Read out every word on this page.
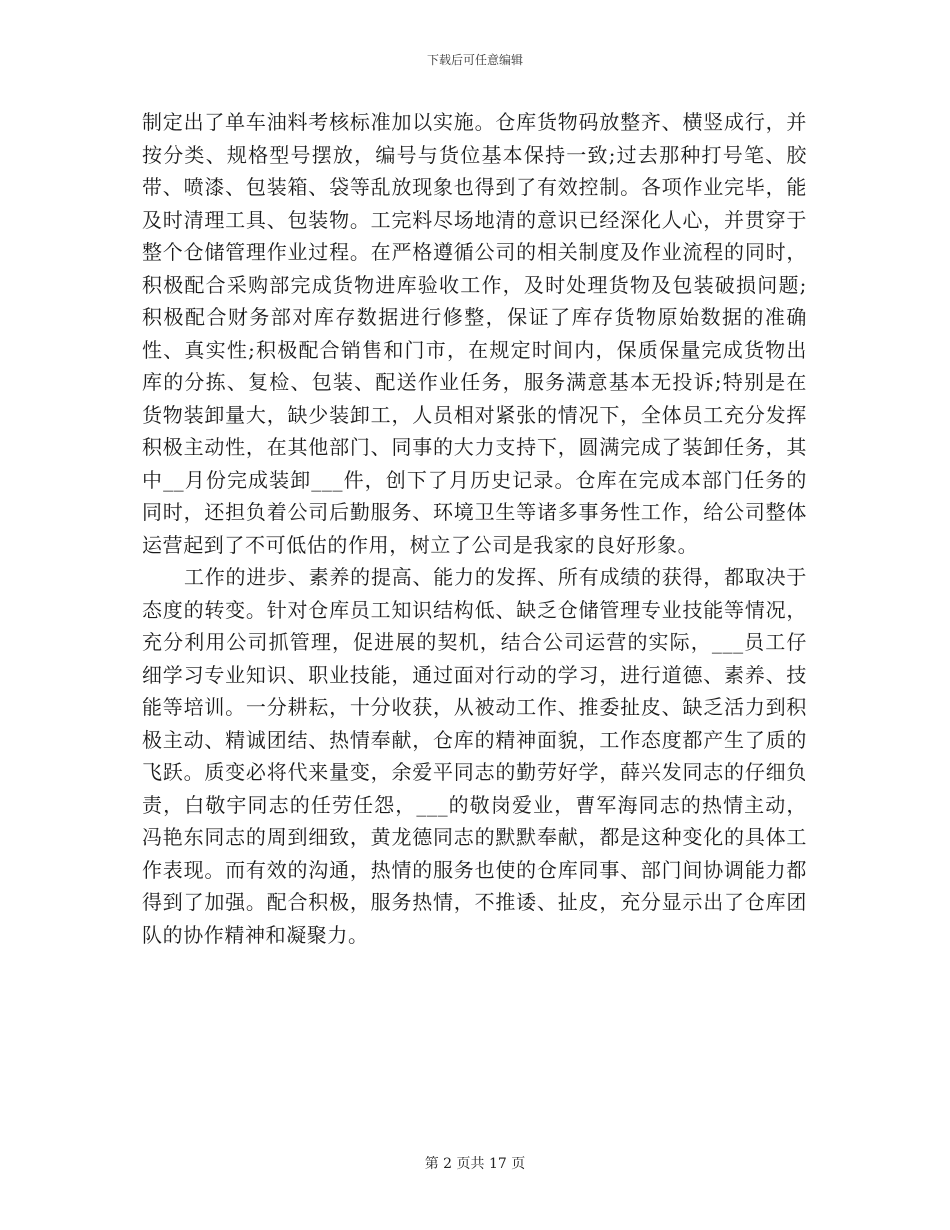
下载后可任意编辑

制定出了单车油料考核标准加以实施。仓库货物码放整齐、横竖成行，并按分类、规格型号摆放，编号与货位基本保持一致;过去那种打号笔、胶带、喷漆、包装箱、袋等乱放现象也得到了有效控制。各项作业完毕，能及时清理工具、包装物。工完料尽场地清的意识已经深化人心，并贯穿于整个仓储管理作业过程。在严格遵循公司的相关制度及作业流程的同时，积极配合采购部完成货物进库验收工作，及时处理货物及包装破损问题;积极配合财务部对库存数据进行修整，保证了库存货物原始数据的准确性、真实性;积极配合销售和门市，在规定时间内，保质保量完成货物出库的分拣、复检、包装、配送作业任务，服务满意基本无投诉;特别是在货物装卸量大，缺少装卸工，人员相对紧张的情况下，全体员工充分发挥积极主动性，在其他部门、同事的大力支持下，圆满完成了装卸任务，其中__月份完成装卸___件，创下了月历史记录。仓库在完成本部门任务的同时，还担负着公司后勤服务、环境卫生等诸多事务性工作，给公司整体运营起到了不可低估的作用，树立了公司是我家的良好形象。

工作的进步、素养的提高、能力的发挥、所有成绩的获得，都取决于态度的转变。针对仓库员工知识结构低、缺乏仓储管理专业技能等情况，充分利用公司抓管理，促进展的契机，结合公司运营的实际，___员工仔细学习专业知识、职业技能，通过面对行动的学习，进行道德、素养、技能等培训。一分耕耘，十分收获，从被动工作、推委扯皮、缺乏活力到积极主动、精诚团结、热情奉献，仓库的精神面貌，工作态度都产生了质的飞跃。质变必将代来量变，余爱平同志的勤劳好学，薛兴发同志的仔细负责，白敬宇同志的任劳任怨，___的敬岗爱业，曹军海同志的热情主动，冯艳东同志的周到细致，黄龙德同志的默默奉献，都是这种变化的具体工作表现。而有效的沟通，热情的服务也使的仓库同事、部门间协调能力都得到了加强。配合积极，服务热情，不推诿、扯皮，充分显示出了仓库团队的协作精神和凝聚力。

第 2 页共 17 页
